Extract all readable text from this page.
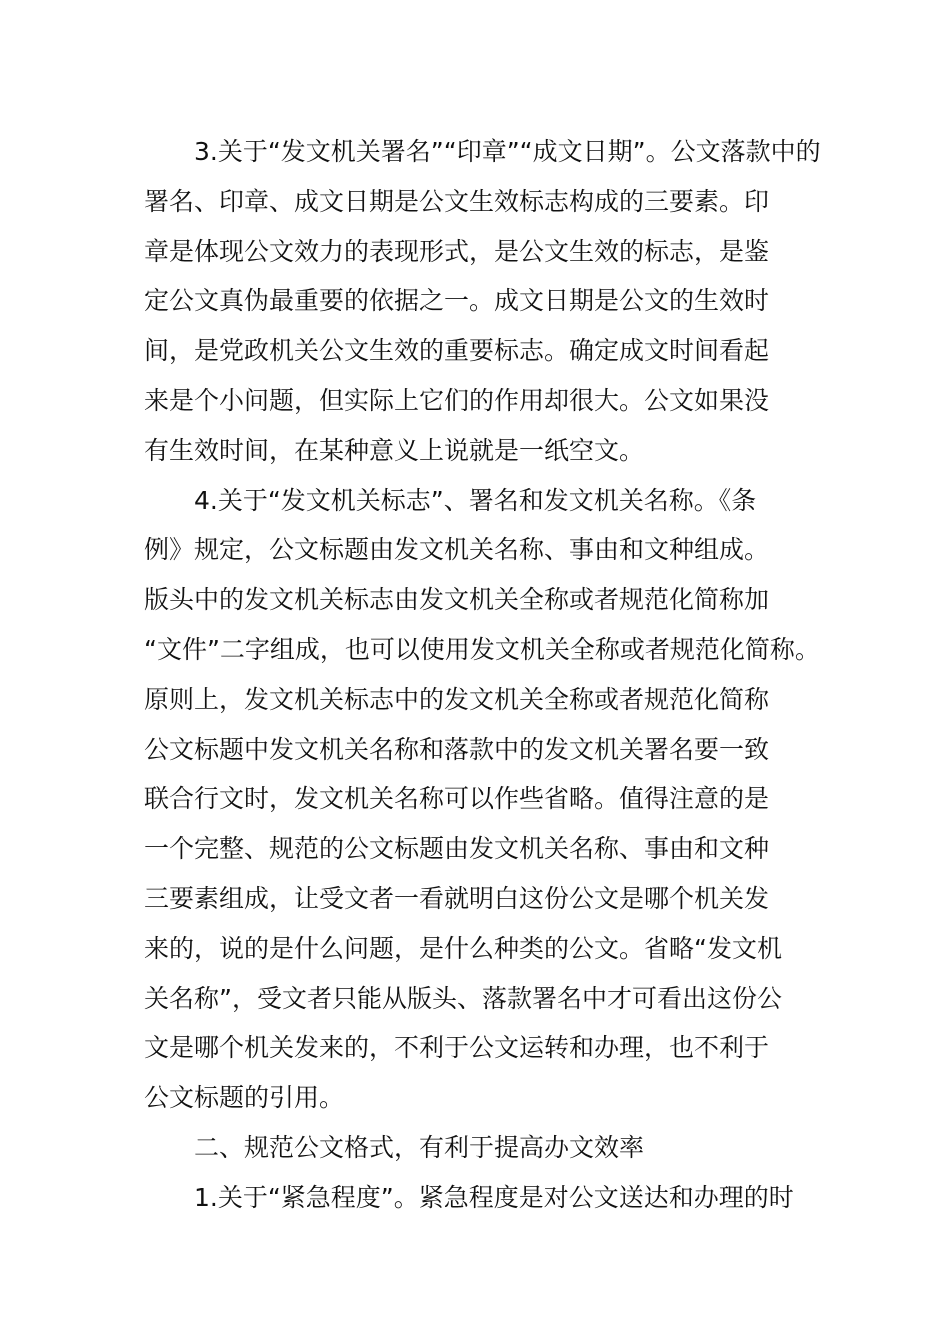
3.关于“发文机关署名”“印章”“成文日期”。公文落款中的
署名、印章、成文日期是公文生效标志构成的三要素。印
章是体现公文效力的表现形式，是公文生效的标志，是鉴
定公文真伪最重要的依据之一。成文日期是公文的生效时
间，是党政机关公文生效的重要标志。确定成文时间看起
来是个小问题，但实际上它们的作用却很大。公文如果没
有生效时间，在某种意义上说就是一纸空文。
4.关于“发文机关标志”、署名和发文机关名称。《条
例》规定，公文标题由发文机关名称、事由和文种组成。
版头中的发文机关标志由发文机关全称或者规范化简称加
“文件”二字组成，也可以使用发文机关全称或者规范化简称。
原则上，发文机关标志中的发文机关全称或者规范化简称
公文标题中发文机关名称和落款中的发文机关署名要一致
联合行文时，发文机关名称可以作些省略。值得注意的是
一个完整、规范的公文标题由发文机关名称、事由和文种
三要素组成，让受文者一看就明白这份公文是哪个机关发
来的，说的是什么问题，是什么种类的公文。省略“发文机
关名称”，受文者只能从版头、落款署名中才可看出这份公
文是哪个机关发来的，不利于公文运转和办理，也不利于
公文标题的引用。
二、规范公文格式，有利于提高办文效率
1.关于“紧急程度”。紧急程度是对公文送达和办理的时
